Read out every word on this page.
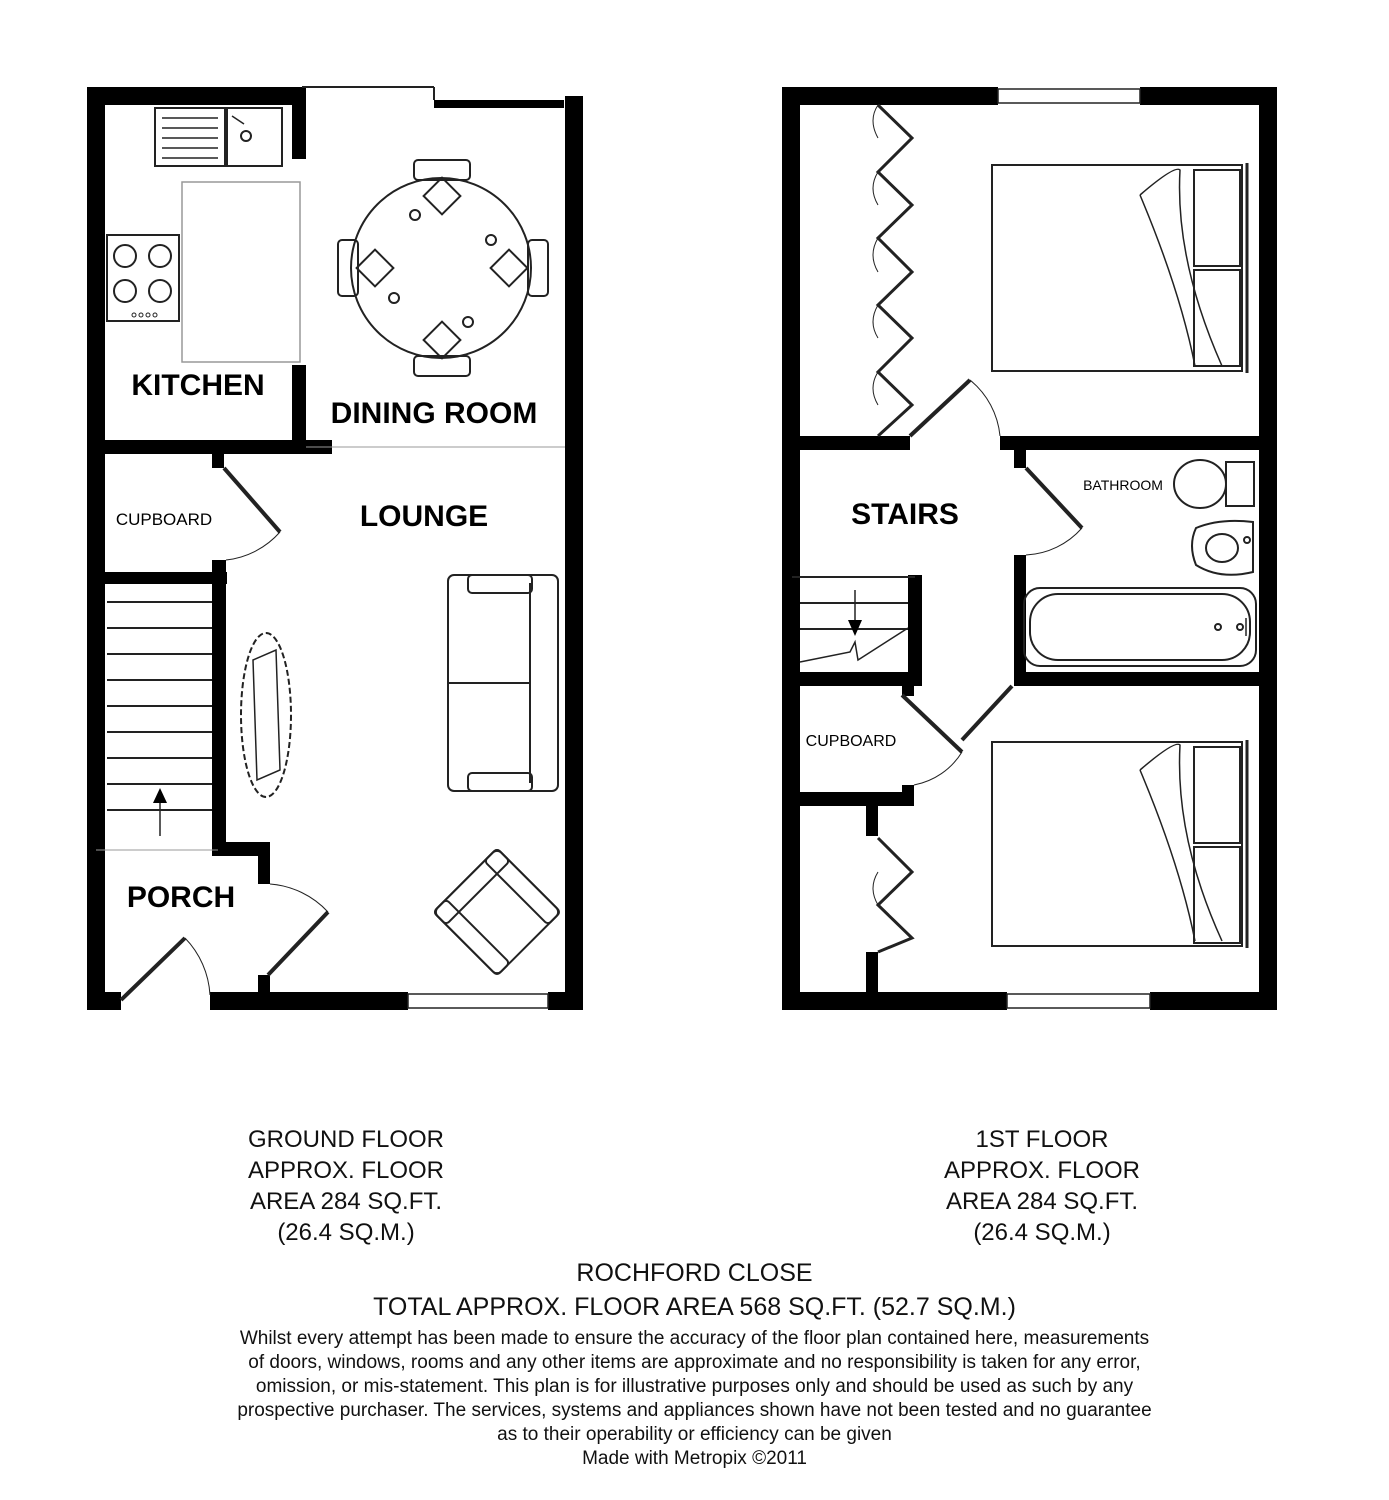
KITCHEN
DINING ROOM
LOUNGE
CUPBOARD
PORCH
STAIRS
BATHROOM
CUPBOARD
GROUND FLOOR
APPROX. FLOOR
AREA 284 SQ.FT.
(26.4 SQ.M.)
1ST FLOOR
APPROX. FLOOR
AREA 284 SQ.FT.
(26.4 SQ.M.)
ROCHFORD CLOSE
TOTAL APPROX. FLOOR AREA 568 SQ.FT. (52.7 SQ.M.)
Whilst every attempt has been made to ensure the accuracy of the floor plan contained here, measurements
of doors, windows, rooms and any other items are approximate and no responsibility is taken for any error,
omission, or mis-statement. This plan is for illustrative purposes only and should be used as such by any
prospective purchaser. The services, systems and appliances shown have not been tested and no guarantee
as to their operability or efficiency can be given
Made with Metropix ©2011
